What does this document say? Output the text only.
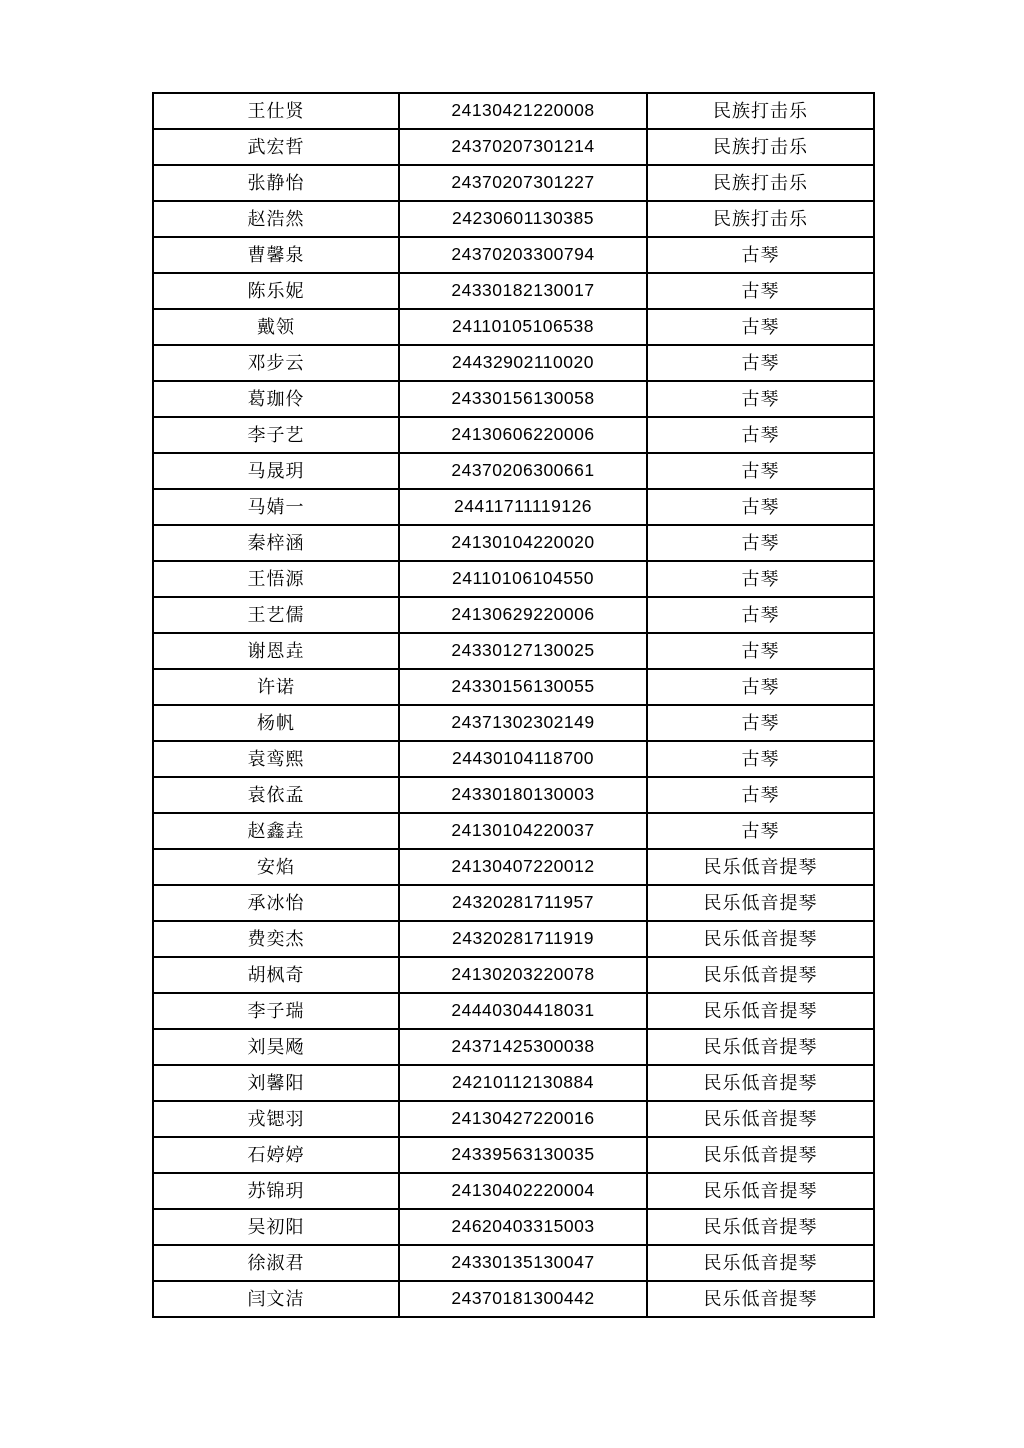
王仕贤	24130421220008	民族打击乐
武宏哲	24370207301214	民族打击乐
张静怡	24370207301227	民族打击乐
赵浩然	24230601130385	民族打击乐
曹馨泉	24370203300794	古琴
陈乐妮	24330182130017	古琴
戴领	24110105106538	古琴
邓步云	24432902110020	古琴
葛珈伶	24330156130058	古琴
李子艺	24130606220006	古琴
马晟玥	24370206300661	古琴
马婧一	24411711119126	古琴
秦梓涵	24130104220020	古琴
王悟源	24110106104550	古琴
王艺儒	24130629220006	古琴
谢恩垚	24330127130025	古琴
许诺	24330156130055	古琴
杨帆	24371302302149	古琴
袁鸾熙	24430104118700	古琴
袁依孟	24330180130003	古琴
赵鑫垚	24130104220037	古琴
安焰	24130407220012	民乐低音提琴
承冰怡	24320281711957	民乐低音提琴
费奕杰	24320281711919	民乐低音提琴
胡枫奇	24130203220078	民乐低音提琴
李子瑞	24440304418031	民乐低音提琴
刘昊飏	24371425300038	民乐低音提琴
刘馨阳	24210112130884	民乐低音提琴
戎锶羽	24130427220016	民乐低音提琴
石婷婷	24339563130035	民乐低音提琴
苏锦玥	24130402220004	民乐低音提琴
吴初阳	24620403315003	民乐低音提琴
徐淑君	24330135130047	民乐低音提琴
闫文洁	24370181300442	民乐低音提琴
